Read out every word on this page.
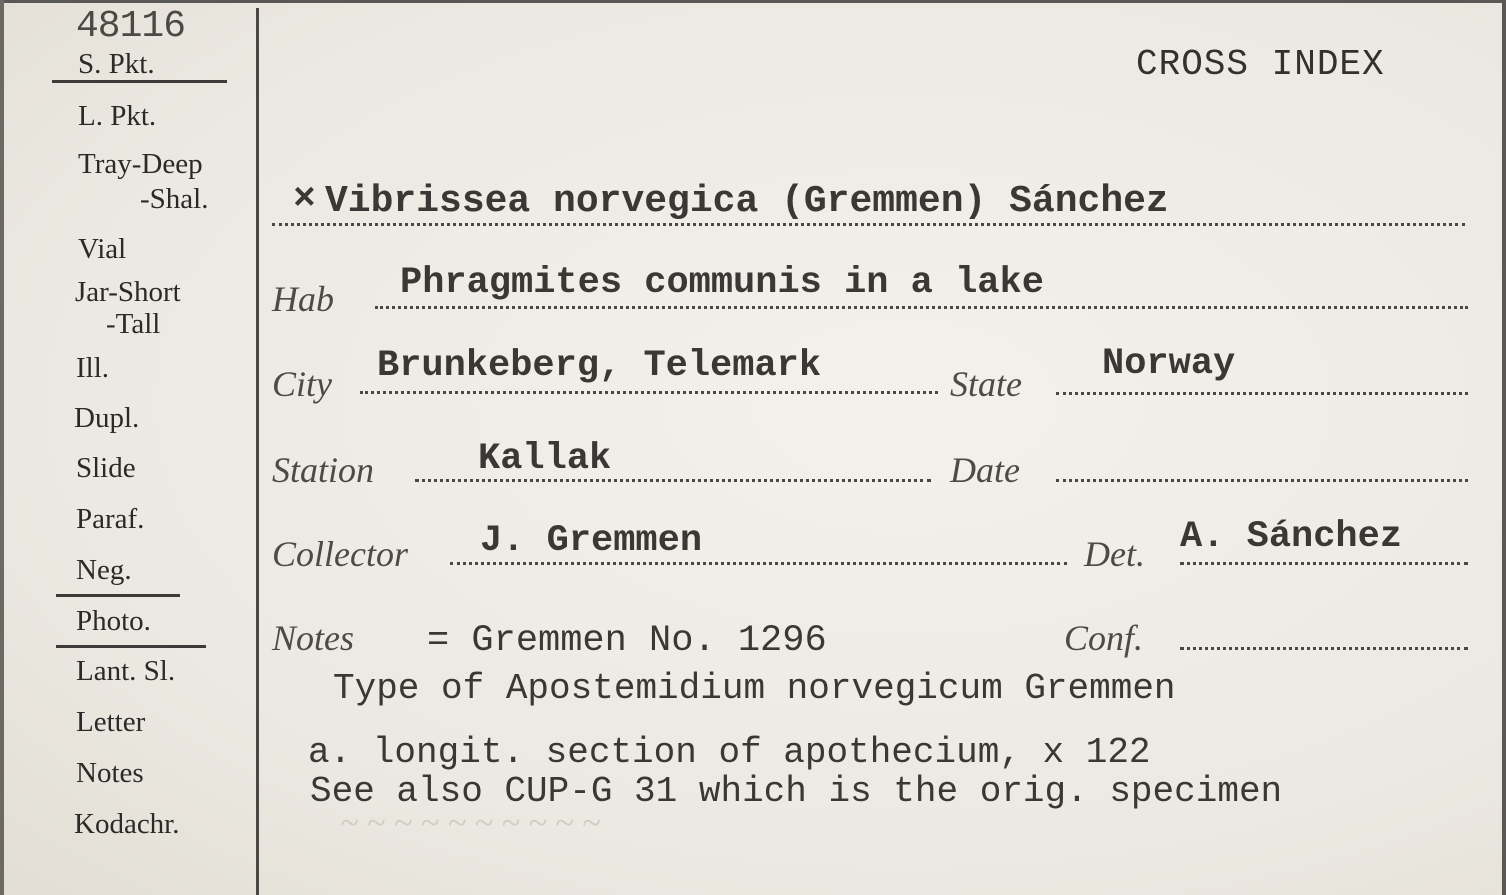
48116
S. Pkt.
L. Pkt.
Tray-Deep
-Shal.
Vial
Jar-Short
-Tall
Ill.
Dupl.
Slide
Paraf.
Neg.
Photo.
Lant. Sl.
Letter
Notes
Kodachr.
CROSS INDEX
× Vibrissea norvegica (Gremmen) Sánchez
Hab Phragmites communis in a lake
City Brunkeberg, Telemark	State Norway
Station	Kallak	Date
Collector J. Gremmen	Det. A. Sánchez
Notes = Gremmen No. 1296	Conf.
Type of Apostemidium norvegicum Gremmen
a. longit. section of apothecium, x 122
See also CUP-G 31 which is the orig. specimen
~ ~ ~ ~ ~ ~ ~ ~ ~ ~
